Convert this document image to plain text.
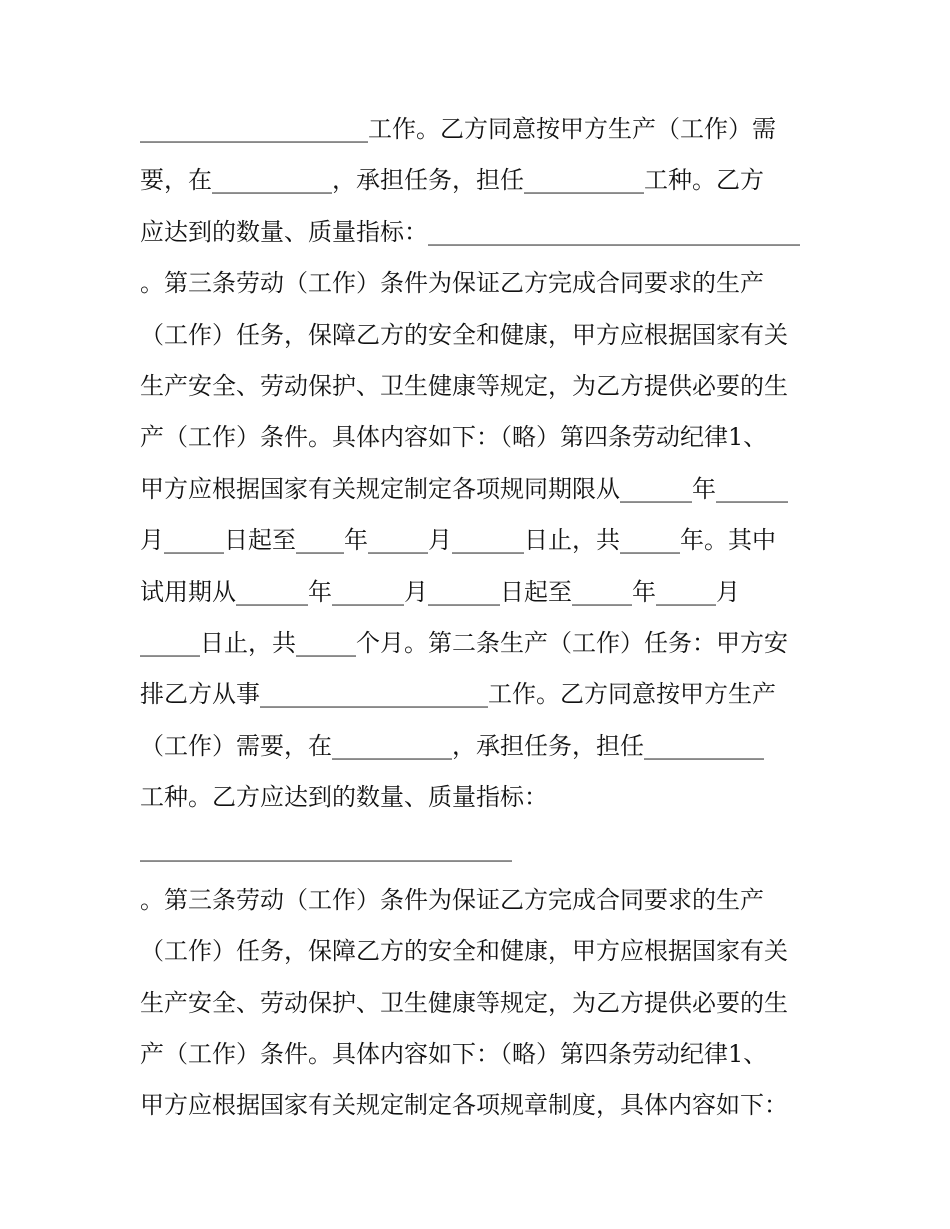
___________________工作。乙方同意按甲方生产（工作）需
要，在__________，承担任务，担任__________工种。乙方
应达到的数量、质量指标：_______________________________
。第三条劳动（工作）条件为保证乙方完成合同要求的生产
（工作）任务，保障乙方的安全和健康，甲方应根据国家有关
生产安全、劳动保护、卫生健康等规定，为乙方提供必要的生
产（工作）条件。具体内容如下：（略）第四条劳动纪律1、
甲方应根据国家有关规定制定各项规同期限从______年______
月_____日起至____年_____月______日止，共_____年。其中
试用期从______年______月______日起至_____年_____月
_____日止，共_____个月。第二条生产（工作）任务：甲方安
排乙方从事___________________工作。乙方同意按甲方生产
（工作）需要，在__________，承担任务，担任__________
工种。乙方应达到的数量、质量指标：
_______________________________
。第三条劳动（工作）条件为保证乙方完成合同要求的生产
（工作）任务，保障乙方的安全和健康，甲方应根据国家有关
生产安全、劳动保护、卫生健康等规定，为乙方提供必要的生
产（工作）条件。具体内容如下：（略）第四条劳动纪律1、
甲方应根据国家有关规定制定各项规章制度，具体内容如下：
